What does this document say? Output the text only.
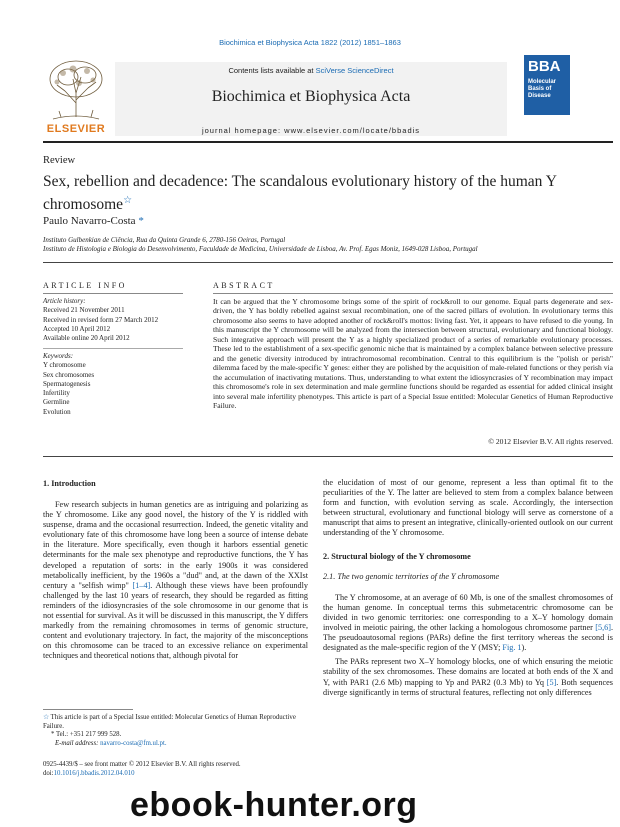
Biochimica et Biophysica Acta 1822 (2012) 1851–1863
ELSEVIER
Contents lists available at SciVerse ScienceDirect
Biochimica et Biophysica Acta
journal homepage: www.elsevier.com/locate/bbadis
BBA
Molecular
Basis of
Disease
Review
Sex, rebellion and decadence: The scandalous evolutionary history of the human Y chromosome☆
Paulo Navarro-Costa *
Instituto Gulbenkian de Ciência, Rua da Quinta Grande 6, 2780-156 Oeiras, Portugal
Instituto de Histologia e Biologia do Desenvolvimento, Faculdade de Medicina, Universidade de Lisboa, Av. Prof. Egas Moniz, 1649-028 Lisboa, Portugal
ARTICLE INFO
Article history:
Received 21 November 2011
Received in revised form 27 March 2012
Accepted 10 April 2012
Available online 20 April 2012
Keywords:
Y chromosome
Sex chromosomes
Spermatogenesis
Infertility
Germline
Evolution
ABSTRACT
It can be argued that the Y chromosome brings some of the spirit of rock&roll to our genome. Equal parts degenerate and sex-driven, the Y has boldly rebelled against sexual recombination, one of the sacred pillars of evolution. In evolutionary terms this chromosome also seems to have adopted another of rock&roll's mottos: living fast. Yet, it appears to have refused to die young. In this manuscript the Y chromosome will be analyzed from the intersection between structural, evolutionary and functional biology. Such integrative approach will present the Y as a highly specialized product of a series of remarkable evolutionary processes. These led to the establishment of a sex-specific genomic niche that is maintained by a complex balance between selective pressure and the genetic diversity introduced by intrachromosomal recombination. Central to this equilibrium is the "polish or perish" dilemma faced by the male-specific Y genes: either they are polished by the acquisition of male-related functions or they perish via the accumulation of inactivating mutations. Thus, understanding to what extent the idiosyncrasies of Y recombination may impact this chromosome's role in sex determination and male germline functions should be regarded as essential for added clinical insight into several male infertility phenotypes. This article is part of a Special Issue entitled: Molecular Genetics of Human Reproductive Failure.
© 2012 Elsevier B.V. All rights reserved.
1. Introduction

Few research subjects in human genetics are as intriguing and polarizing as the Y chromosome. Like any good novel, the history of the Y is riddled with suspense, drama and the occasional resurrection. Indeed, the genetic vitality and evolutionary fate of this chromosome have long been a source of intense debate in the literature. More specifically, even though it harbors essential genetic determinants for the male sex phenotype and reproductive functions, the Y has developed a reputation of sorts: in the early 1900s it was considered metabolically inefficient, by the 1960s a "dud" and, at the dawn of the XXIst century a "selfish wimp" [1–4]. Although these views have been profoundly challenged by the last 10 years of research, they should be regarded as fitting reminders of the idiosyncrasies of the sole chromosome in our genome that is not essential for survival. As it will be discussed in this manuscript, the Y differs markedly from the remaining chromosomes in terms of genomic structure, content and evolutionary trajectory. In fact, the majority of the misconceptions on this chromosome can be traced to an excessive reliance on experimental techniques and theoretical notions that, although pivotal for

the elucidation of most of our genome, represent a less than optimal fit to the peculiarities of the Y. The latter are believed to stem from a complex balance between form and function, with evolution serving as scale. Accordingly, the intersection between structural, evolutionary and functional biology will serve as cornerstone of a manuscript that aims to present an integrative, clinically-oriented outlook on our current understanding of the Y chromosome.

2. Structural biology of the Y chromosome
2.1. The two genomic territories of the Y chromosome

The Y chromosome, at an average of 60 Mb, is one of the smallest chromosomes of the human genome. In conceptual terms this submetacentric chromosome can be divided in two genomic territories: one corresponding to a X–Y homology domain involved in meiotic pairing, the other lacking a homologous chromosome partner [5,6]. The pseudoautosomal regions (PARs) define the first territory whereas the second is designated as the male-specific region of the Y (MSY; Fig. 1).

The PARs represent two X–Y homology blocks, one of which ensuring the meiotic stability of the sex chromosomes. These domains are located at both ends of the X and Y, with PAR1 (2.6 Mb) mapping to Yp and PAR2 (0.3 Mb) to Yq [5]. Both sequences diverge significantly in terms of structural features, reflecting not only differences

☆ This article is part of a Special Issue entitled: Molecular Genetics of Human Reproductive Failure.
* Tel.: +351 217 999 528.
E-mail address: navarro-costa@fm.ul.pt.
0925-4439/$ – see front matter © 2012 Elsevier B.V. All rights reserved.
doi:10.1016/j.bbadis.2012.04.010
ebook-hunter.org
